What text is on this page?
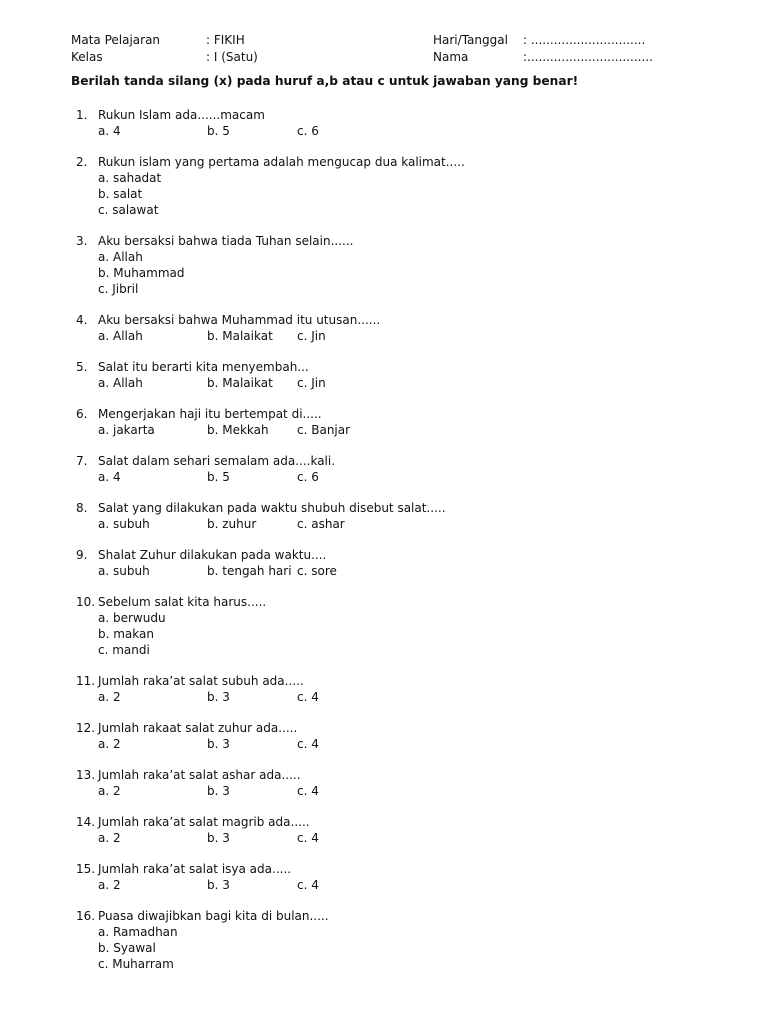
Mata Pelajaran	: FIKIH	Hari/Tanggal : ..............................
Kelas	: I (Satu)	Nama	:.................................
Berilah tanda silang (x) pada huruf a,b atau c untuk jawaban yang benar!
1. Rukun Islam ada......macam
a. 4	b. 5	c. 6
2. Rukun islam yang pertama adalah mengucap dua kalimat.....
a. sahadat
b. salat
c. salawat
3. Aku bersaksi bahwa tiada Tuhan selain......
a. Allah
b. Muhammad
c. Jibril
4. Aku bersaksi bahwa Muhammad itu utusan......
a. Allah	b. Malaikat c. Jin
5. Salat itu berarti kita menyembah...
a. Allah	b. Malaikat c. Jin
6. Mengerjakan haji itu bertempat di.....
a. jakarta	b. Mekkah c. Banjar
7. Salat dalam sehari semalam ada....kali.
a. 4	b. 5	c. 6
8. Salat yang dilakukan pada waktu shubuh disebut salat.....
a. subuh	b. zuhur	c. ashar
9. Shalat Zuhur dilakukan pada waktu....
a. subuh	b. tengah hari c. sore
10. Sebelum salat kita harus.....
a. berwudu
b. makan
c. mandi
11. Jumlah raka’at salat subuh ada.....
a. 2	b. 3	c. 4
12. Jumlah rakaat salat zuhur ada.....
a. 2	b. 3	c. 4
13. Jumlah raka’at salat ashar ada.....
a. 2	b. 3	c. 4
14. Jumlah raka’at salat magrib ada.....
a. 2	b. 3	c. 4
15. Jumlah raka’at salat isya ada.....
a. 2	b. 3	c. 4
16. Puasa diwajibkan bagi kita di bulan.....
a. Ramadhan
b. Syawal
c. Muharram
